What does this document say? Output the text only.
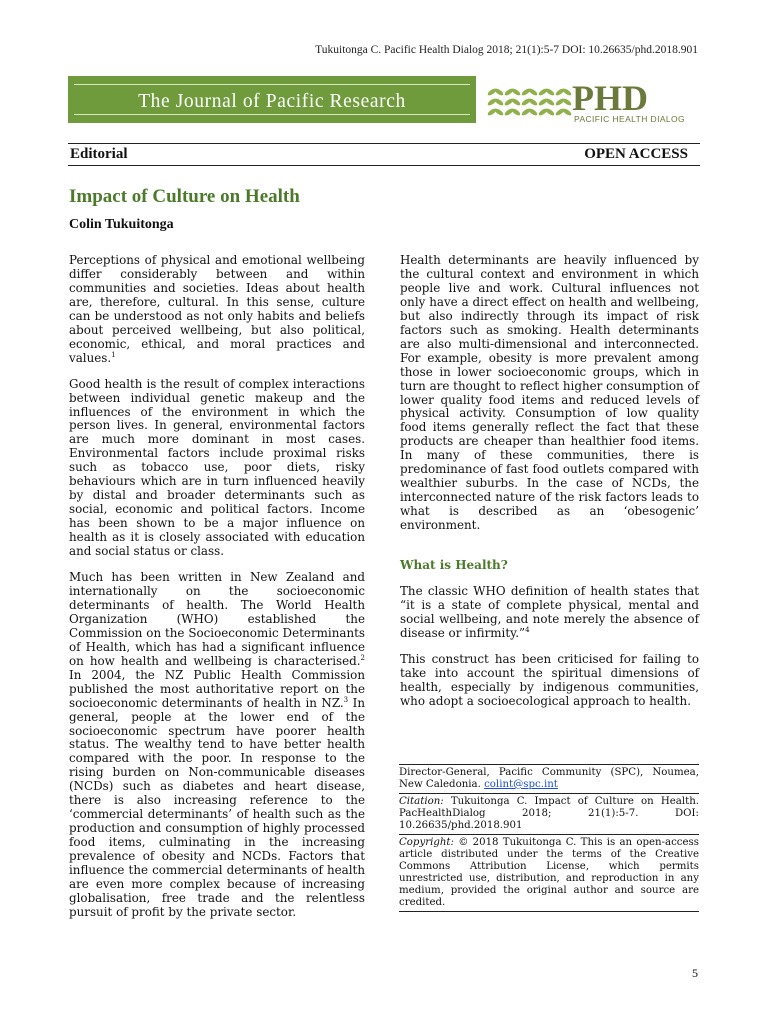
Tukuitonga C. Pacific Health Dialog 2018; 21(1):5-7 DOI: 10.26635/phd.2018.901
The Journal of Pacific Research	PHD
PACIFIC HEALTH DIALOG
Editorial	OPEN ACCESS
Impact of Culture on Health
Colin Tukuitonga

Perceptions of physical and emotional wellbeing differ considerably between and within communities and societies. Ideas about health are, therefore, cultural. In this sense, culture can be understood as not only habits and beliefs about perceived wellbeing, but also political, economic, ethical, and moral practices and values.$^1$

Good health is the result of complex interactions between individual genetic makeup and the influences of the environment in which the person lives. In general, environmental factors are much more dominant in most cases. Environmental factors include proximal risks such as tobacco use, poor diets, risky behaviours which are in turn influenced heavily by distal and broader determinants such as social, economic and political factors. Income has been shown to be a major influence on health as it is closely associated with education and social status or class.

Much has been written in New Zealand and internationally on the socioeconomic determinants of health. The World Health Organization (WHO) established the Commission on the Socioeconomic Determinants of Health, which has had a significant influence on how health and wellbeing is characterised.$^2$ In 2004, the NZ Public Health Commission published the most authoritative report on the socioeconomic determinants of health in NZ.$^3$ In general, people at the lower end of the socioeconomic spectrum have poorer health status. The wealthy tend to have better health compared with the poor. In response to the rising burden on Non-communicable diseases (NCDs) such as diabetes and heart disease, there is also increasing reference to the ‘commercial determinants’ of health such as the production and consumption of highly processed food items, culminating in the increasing prevalence of obesity and NCDs. Factors that influence the commercial determinants of health are even more complex because of increasing globalisation, free trade and the relentless pursuit of profit by the private sector.

Health determinants are heavily influenced by the cultural context and environment in which people live and work. Cultural influences not only have a direct effect on health and wellbeing, but also indirectly through its impact of risk factors such as smoking. Health determinants are also multi-dimensional and interconnected. For example, obesity is more prevalent among those in lower socioeconomic groups, which in turn are thought to reflect higher consumption of lower quality food items and reduced levels of physical activity. Consumption of low quality food items generally reflect the fact that these products are cheaper than healthier food items. In many of these communities, there is predominance of fast food outlets compared with wealthier suburbs. In the case of NCDs, the interconnected nature of the risk factors leads to what is described as an ‘obesogenic’ environment.

What is Health?

The classic WHO definition of health states that “it is a state of complete physical, mental and social wellbeing, and note merely the absence of disease or infirmity.”$^4$

This construct has been criticised for failing to take into account the spiritual dimensions of health, especially by indigenous communities, who adopt a socioecological approach to health.

Director-General, Pacific Community (SPC), Noumea, New Caledonia. colint@spc.int
Citation: Tukuitonga C. Impact of Culture on Health. PacHealthDialog 2018; 21(1):5-7. DOI: 10.26635/phd.2018.901
Copyright: © 2018 Tukuitonga C. This is an open-access article distributed under the terms of the Creative Commons Attribution License, which permits unrestricted use, distribution, and reproduction in any medium, provided the original author and source are credited.
5
